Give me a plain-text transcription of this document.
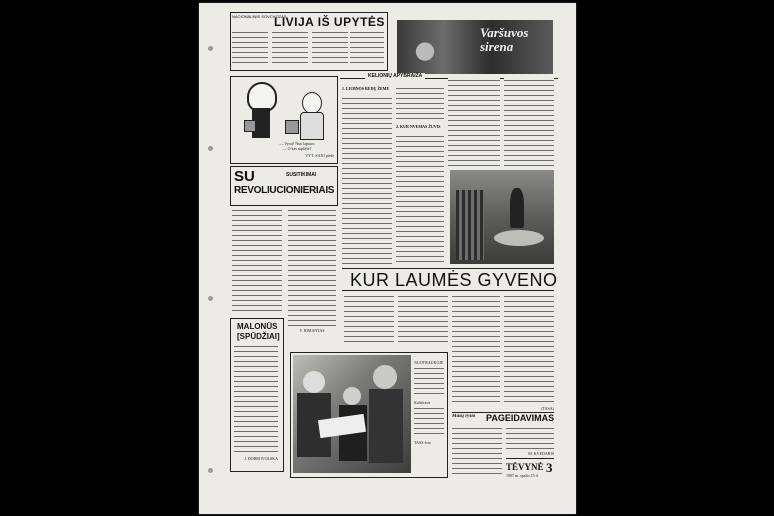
NACIONALINIS SOVCHOZAS
LIVIJA IŠ UPYTĖS
Varšuvos sirena
KELIONIŲ APYBRAIŽA
— Vyrai! Nuo lapiuos
— O kas suplėšė?
VYT. SAJO piešė
SU	SUSITIKIMAI
REVOLIUCIONIERIAIS
V. RIMANTAS
MALONŪS
[SPŪDŽIAI]
J. DOBROVOLSKA
1. LIUBNOS REDŲ ŽEME
2. KUR NVEMAS ŽUVIS
KUR LAUMĖS GYVENO
(TASA)
NUOTRAUKOJE
Kultūrinis
TASS foto
Mūsų ryšio	PAGEIDAVIMAS
M. KVEDARIS
TĖVYNĖ 3
1987 m. spalio 15 d.
